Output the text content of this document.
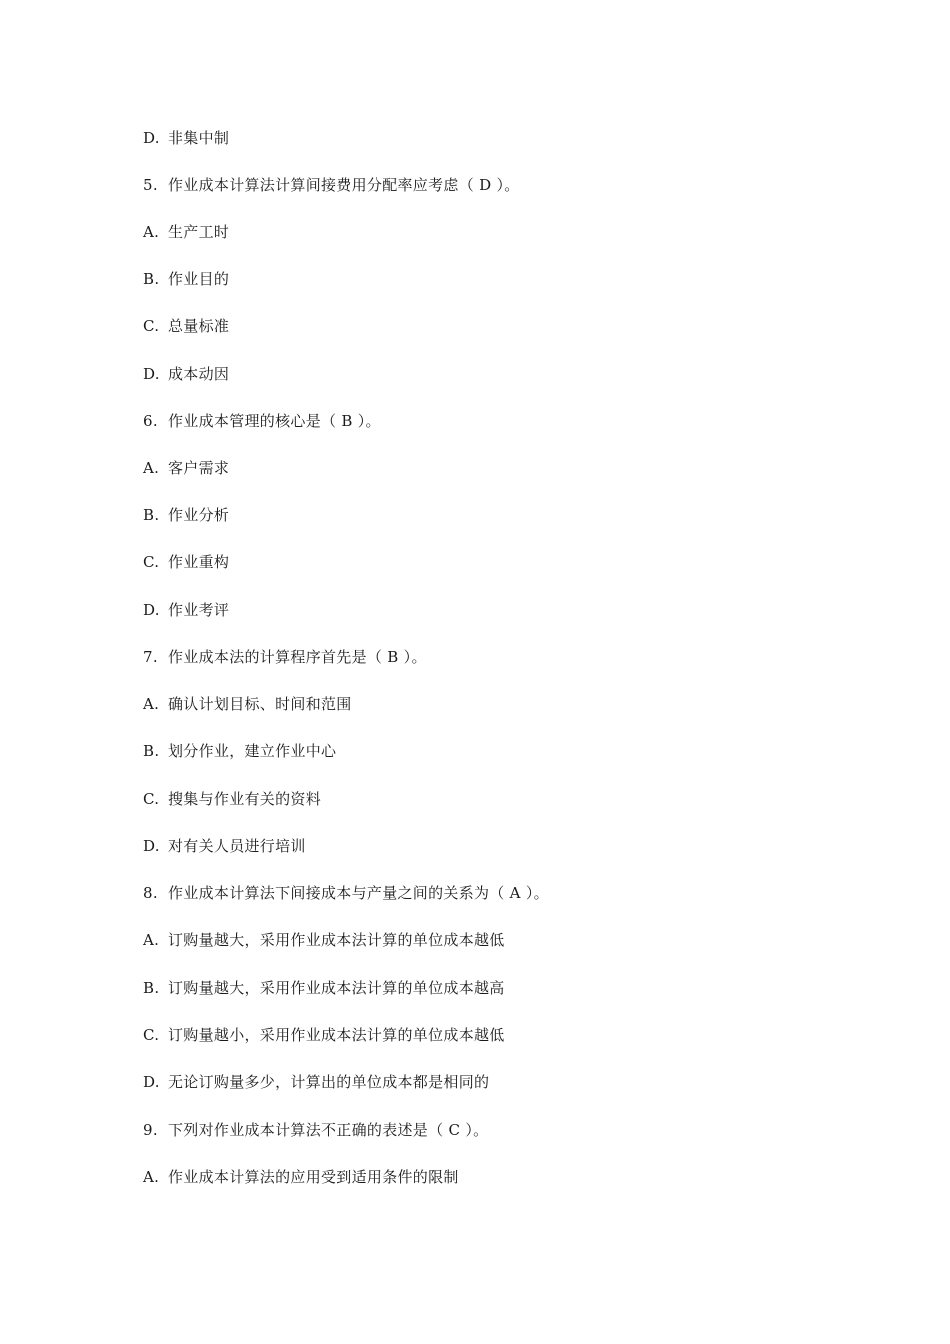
D. 非集中制
5. 作业成本计算法计算间接费用分配率应考虑（ D ）。
A. 生产工时
B. 作业目的
C. 总量标准
D. 成本动因
6. 作业成本管理的核心是（ B ）。
A. 客户需求
B. 作业分析
C. 作业重构
D. 作业考评
7. 作业成本法的计算程序首先是（ B ）。
A. 确认计划目标、时间和范围
B. 划分作业，建立作业中心
C. 搜集与作业有关的资料
D. 对有关人员进行培训
8. 作业成本计算法下间接成本与产量之间的关系为（ A ）。
A. 订购量越大，采用作业成本法计算的单位成本越低
B. 订购量越大，采用作业成本法计算的单位成本越高
C. 订购量越小，采用作业成本法计算的单位成本越低
D. 无论订购量多少，计算出的单位成本都是相同的
9. 下列对作业成本计算法不正确的表述是（ C ）。
A. 作业成本计算法的应用受到适用条件的限制
